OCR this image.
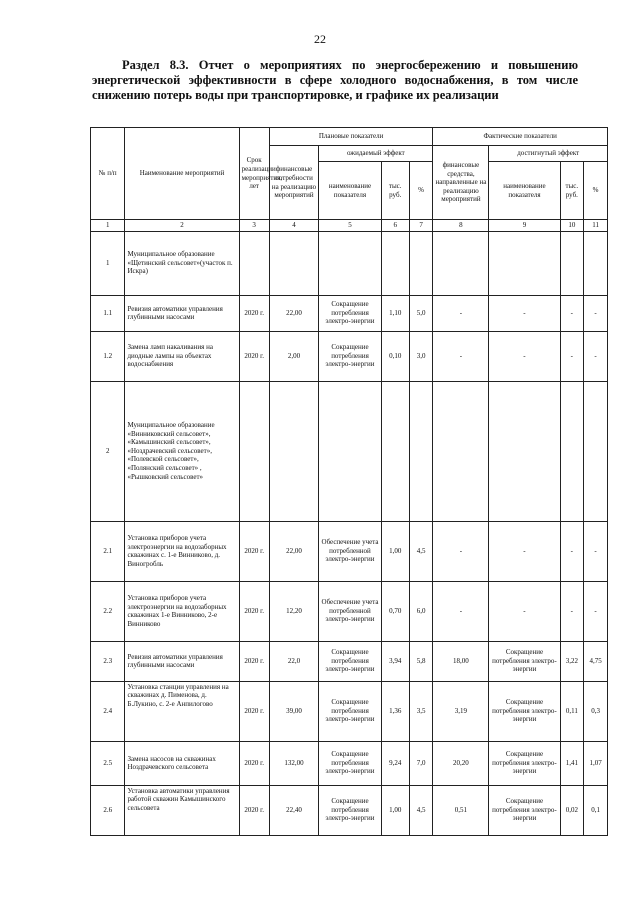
22
Раздел 8.3. Отчет о мероприятиях по энергосбережению и повышению энергетической эффективности в сфере холодного водоснабжения, в том числе снижению потерь воды при транспортировке, и графике их реализации
№ п/п	Наименование мероприятий	Срок реализации мероприятия, лет	Плановые показатели				Фактические показатели			
			финансовые потребности на реализацию мероприятий	ожидаемый эффект			финансовые средства, направленные на реализацию мероприятий	достигнутый эффект		
				наименование показателя	тыс. руб.	%		наименование показателя	тыс. руб.	%
1	2	3	4	5	6	7	8	9	10	11
1	Муниципальное образование «Щетинский сельсовет»(участок п. Искра)									
1.1	Ревизия автоматики управления глубинными насосами	2020 г.	22,00	Сокращение потребления электро-энергии	1,10	5,0	-	-	-	-
1.2	Замена ламп накаливания на диодные лампы на объектах водоснабжения	2020 г.	2,00	Сокращение потребления электро-энергии	0,10	3,0	-	-	-	-
2	Муниципальное образование «Винниковский сельсовет», «Камышинский сельсовет», «Ноздрачевский сельсовет», «Полевской сельсовет», «Полянский сельсовет» , «Рышковский сельсовет»									
2.1	Установка приборов учета электроэнергии на водозаборных скважинах с. 1-е Винниково, д. Виногробль	2020 г.	22,00	Обеспечение учета потребленной электро-энергии	1,00	4,5	-	-	-	-
2.2	Установка приборов учета электроэнергии на водозаборных скважинах 1-е Винниково, 2-е Винниково	2020 г.	12,20	Обеспечение учета потребленной электро-энергии	0,70	6,0	-	-	-	-
2.3	Ревизия автоматики управления глубинными насосами	2020 г.	22,0	Сокращение потребления электро-энергии	3,94	5,8	18,00	Сокращение потребления электро-энергии	3,22	4,75
2.4	Установка станции управления на скважинах д. Пименова, д. Б.Лукино, с. 2-е Анпилогово	2020 г.	39,00	Сокращение потребления электро-энергии	1,36	3,5	3,19	Сокращение потребления электро-энергии	0,11	0,3
2.5	Замена насосов на скважинах Ноздрачевского сельсовета	2020 г.	132,00	Сокращение потребления электро-энергии	9,24	7,0	20,20	Сокращение потребления электро-энергии	1,41	1,07
2.6	Установка автоматики управления работой скважин Камышинского сельсовета	2020 г.	22,40	Сокращение потребления электро-энергии	1,00	4,5	0,51	Сокращение потребления электро-энергии	0,02	0,1
